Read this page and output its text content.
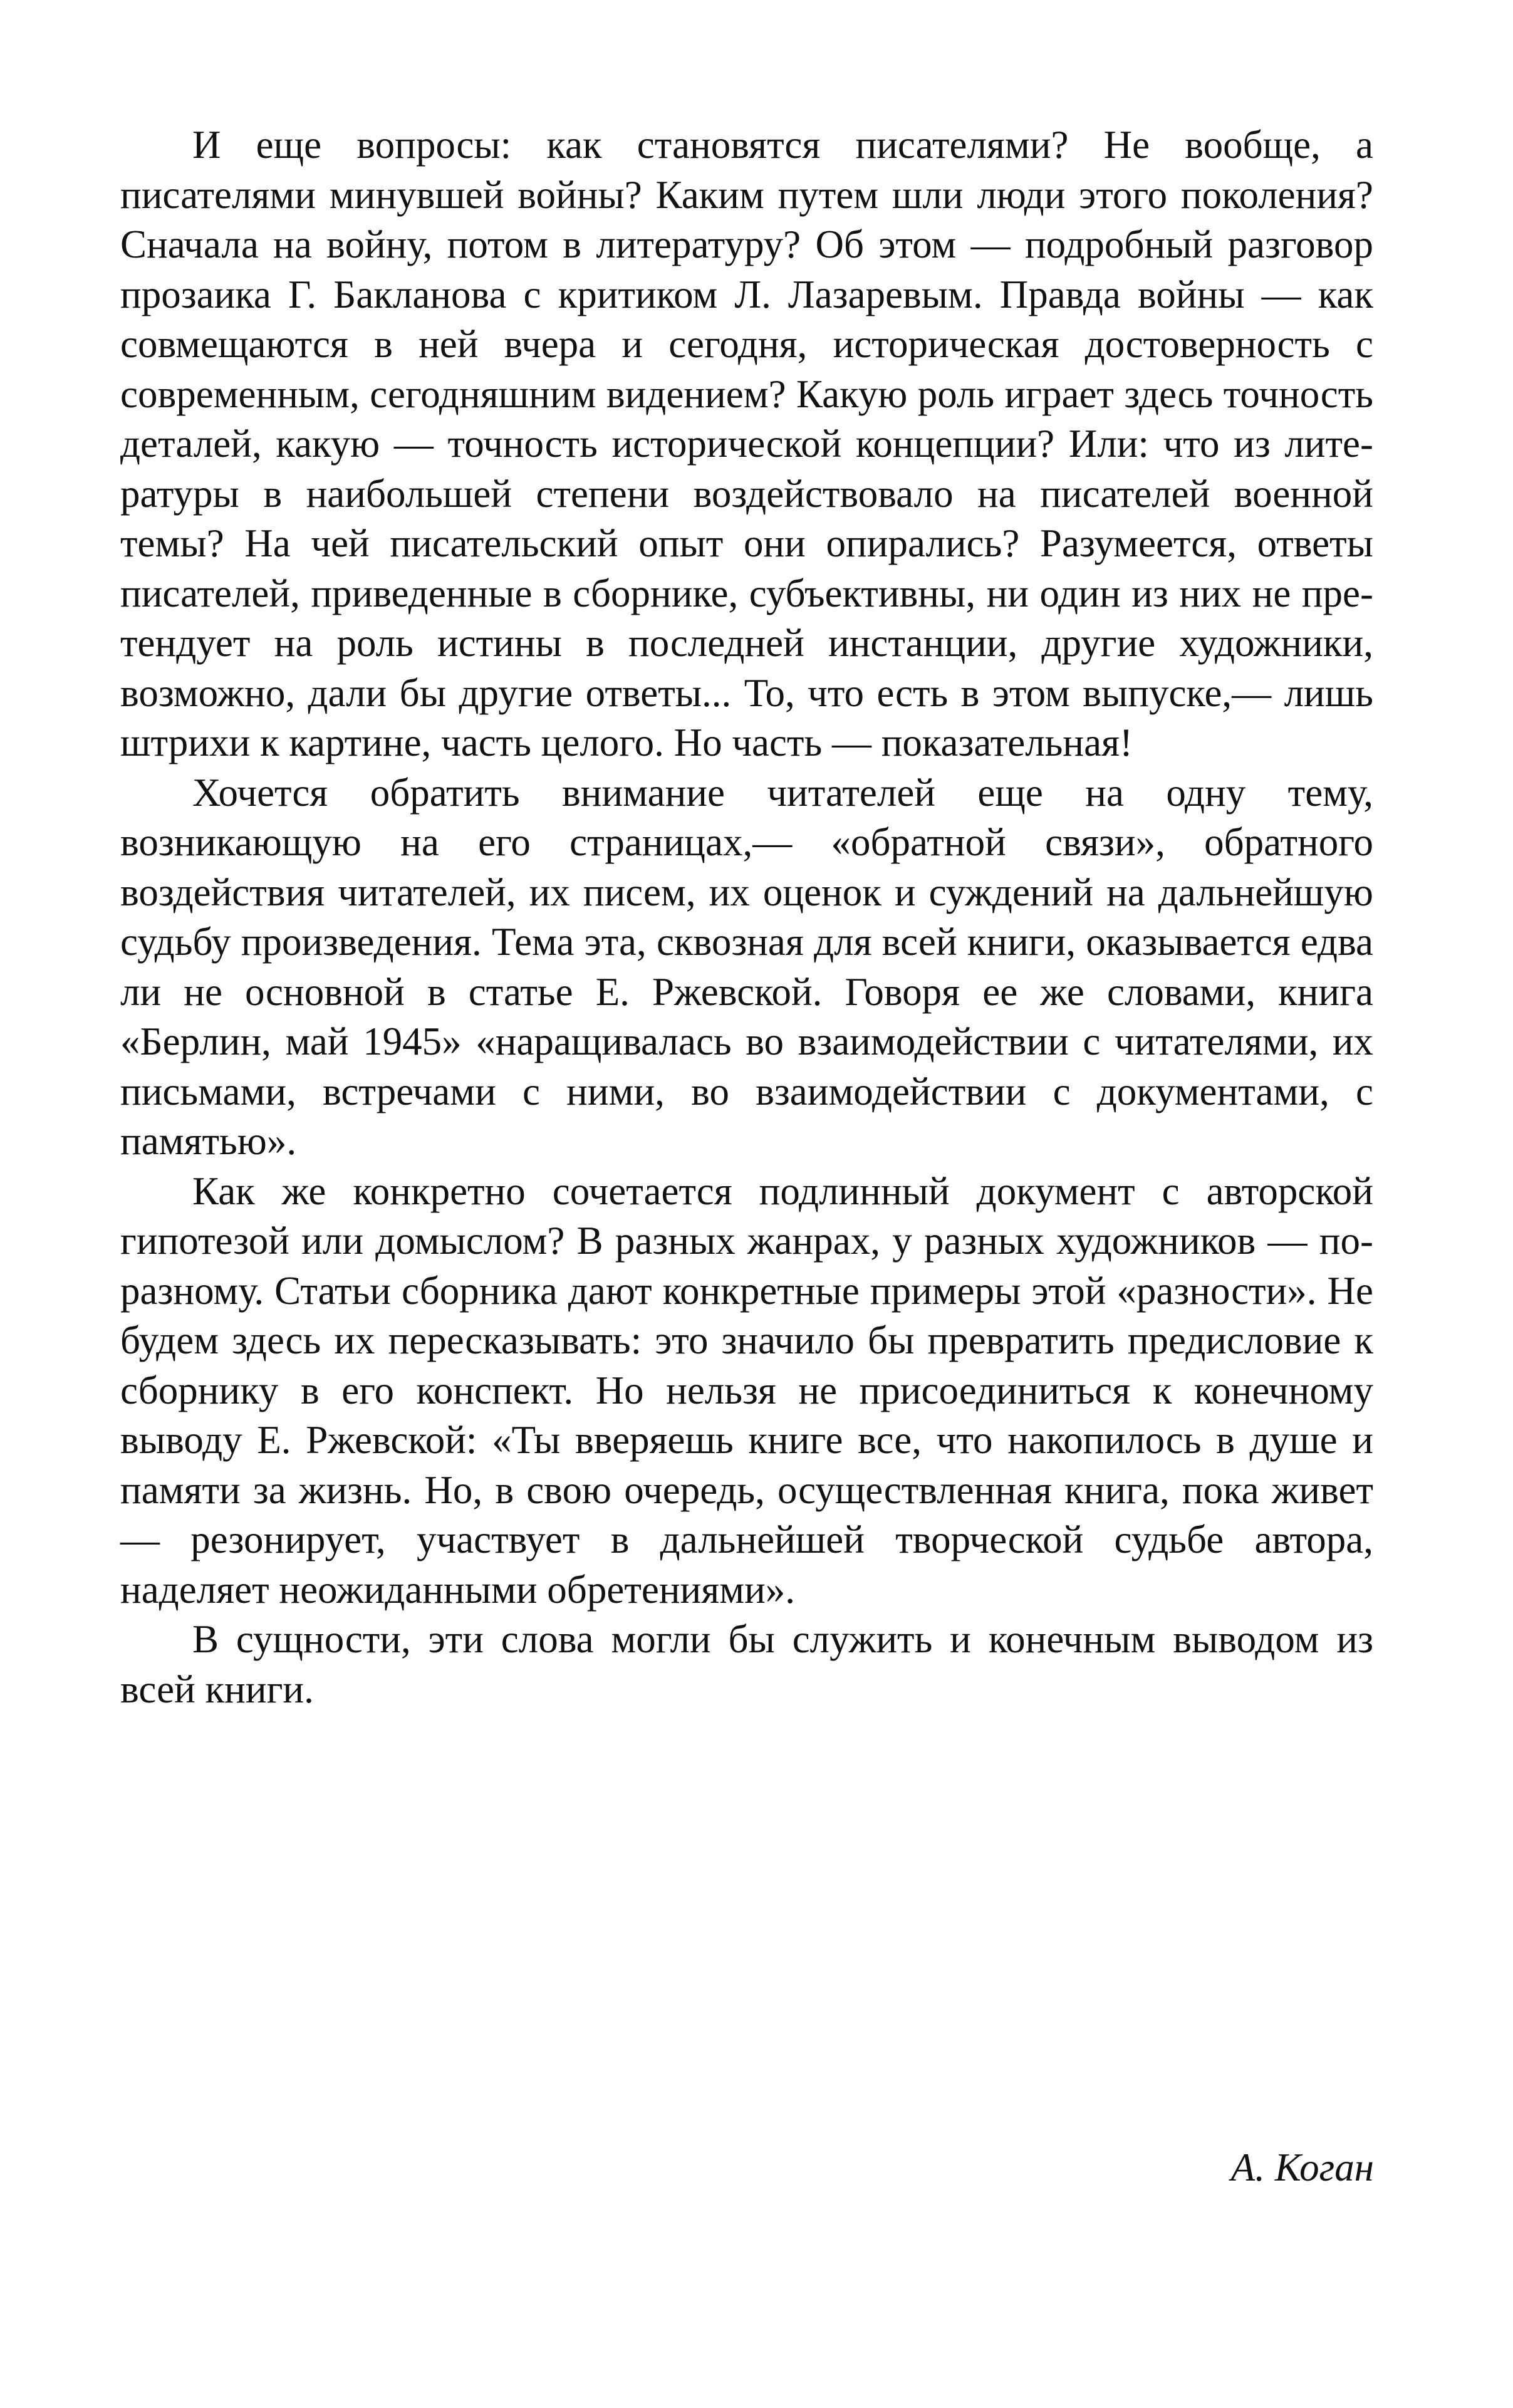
И еще вопросы: как становятся писателями? Не вообще, а писателями минувшей войны? Каким путем шли люди этого поколения? Сначала на войну, потом в литературу? Об этом — подробный разговор прозаика Г. Бакланова с критиком Л. Лазаревым. Правда войны — как совмещаются в ней вчера и сегодня, историческая достоверность с современным, сегодняшним видением? Какую роль играет здесь точность деталей, какую — точность исторической концепции? Или: что из литературы в наибольшей степени воздействовало на писателей военной темы? На чей писательский опыт они опирались? Разумеется, ответы писателей, приведенные в сборнике, субъективны, ни один из них не претендует на роль истины в последней инстанции, другие художники, возможно, дали бы другие ответы... То, что есть в этом выпуске,— лишь штрихи к картине, часть целого. Но часть — показательная!

Хочется обратить внимание читателей еще на одну тему, возникающую на его страницах,— «обратной связи», обратного воздействия читателей, их писем, их оценок и суждений на дальнейшую судьбу произведения. Тема эта, сквозная для всей книги, оказывается едва ли не основной в статье Е. Ржевской. Говоря ее же словами, книга «Берлин, май 1945» «наращивалась во взаимодействии с читателями, их письмами, встречами с ними, во взаимодействии с документами, с памятью».

Как же конкретно сочетается подлинный документ с авторской гипотезой или домыслом? В разных жанрах, у разных художников — по-разному. Статьи сборника дают конкретные примеры этой «разности». Не будем здесь их пересказывать: это значило бы превратить предисловие к сборнику в его конспект. Но нельзя не присоединиться к конечному выводу Е. Ржевской: «Ты вверяешь книге все, что накопилось в душе и памяти за жизнь. Но, в свою очередь, осуществленная книга, пока живет — резонирует, участвует в дальнейшей творческой судьбе автора, наделяет неожиданными обретениями».

В сущности, эти слова могли бы служить и конечным выводом из всей книги.

А. Коган
